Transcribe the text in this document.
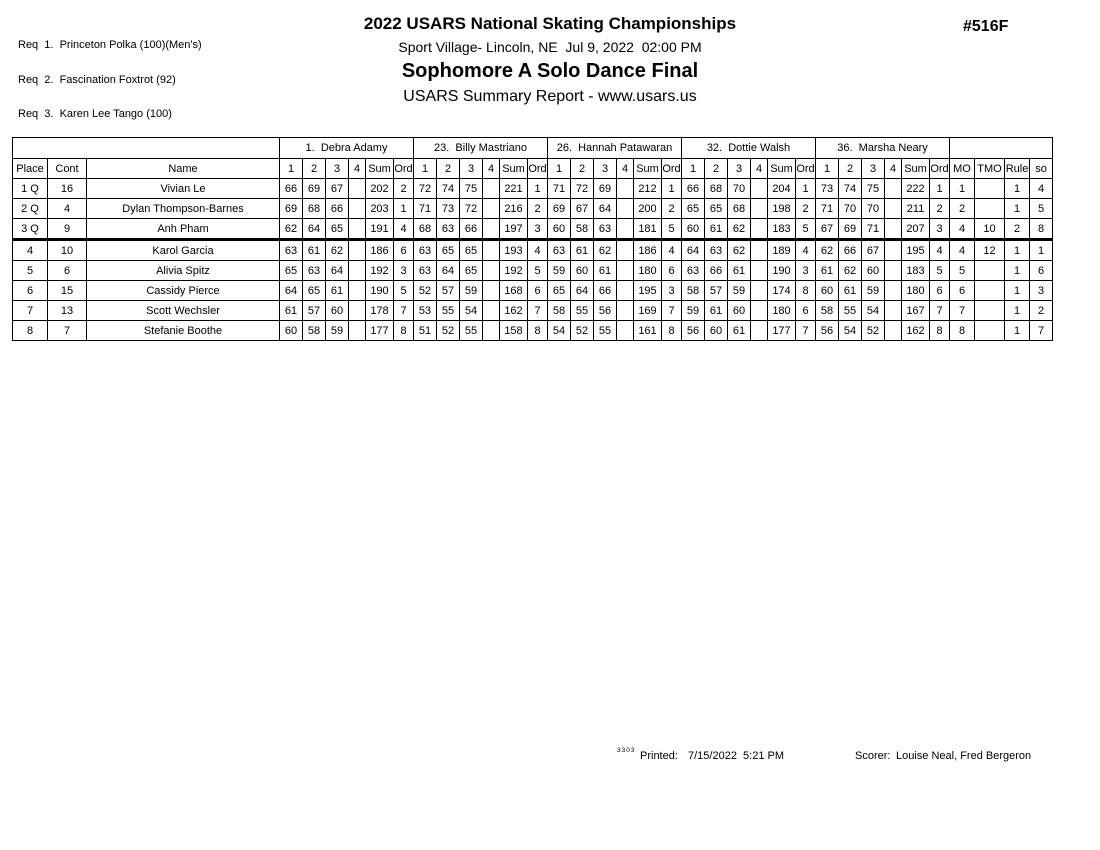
Req  1.  Princeton Polka (100)(Men's)

Req  2.  Fascination Foxtrot (92)

Req  3.  Karen Lee Tango (100)

2022 USARS National Skating Championships
Sport Village- Lincoln, NE  Jul 9, 2022  02:00 PM
Sophomore A Solo Dance Final
USARS Summary Report - www.usars.us
#516F
			1.  Debra Adamy						23.  Billy Mastriano						26.  Hannah Patawaran						32.  Dottie Walsh						36.  Marsha Neary									
Place	Cont	Name	1	2	3	4	Sum	Ord	1	2	3	4	Sum	Ord	1	2	3	4	Sum	Ord	1	2	3	4	Sum	Ord	1	2	3	4	Sum	Ord	MO	TMO	Rule	so
1 Q	16	Vivian Le	66	69	67		202	2	72	74	75		221	1	71	72	69		212	1	66	68	70		204	1	73	74	75		222	1	1		1	4
2 Q	4	Dylan Thompson-Barnes	69	68	66		203	1	71	73	72		216	2	69	67	64		200	2	65	65	68		198	2	71	70	70		211	2	2		1	5
3 Q	9	Anh Pham	62	64	65		191	4	68	63	66		197	3	60	58	63		181	5	60	61	62		183	5	67	69	71		207	3	4	10	2	8
4	10	Karol Garcia	63	61	62		186	6	63	65	65		193	4	63	61	62		186	4	64	63	62		189	4	62	66	67		195	4	4	12	1	1
5	6	Alivia Spitz	65	63	64		192	3	63	64	65		192	5	59	60	61		180	6	63	66	61		190	3	61	62	60		183	5	5		1	6
6	15	Cassidy Pierce	64	65	61		190	5	52	57	59		168	6	65	64	66		195	3	58	57	59		174	8	60	61	59		180	6	6		1	3
7	13	Scott Wechsler	61	57	60		178	7	53	55	54		162	7	58	55	56		169	7	59	61	60		180	6	58	55	54		167	7	7		1	2
8	7	Stefanie Boothe	60	58	59		177	8	51	52	55		158	8	54	52	55		161	8	56	60	61		177	7	56	54	52		162	8	8		1	7
3303 Printed: 7/15/2022  5:21 PM	Scorer: Louise Neal, Fred Bergeron
